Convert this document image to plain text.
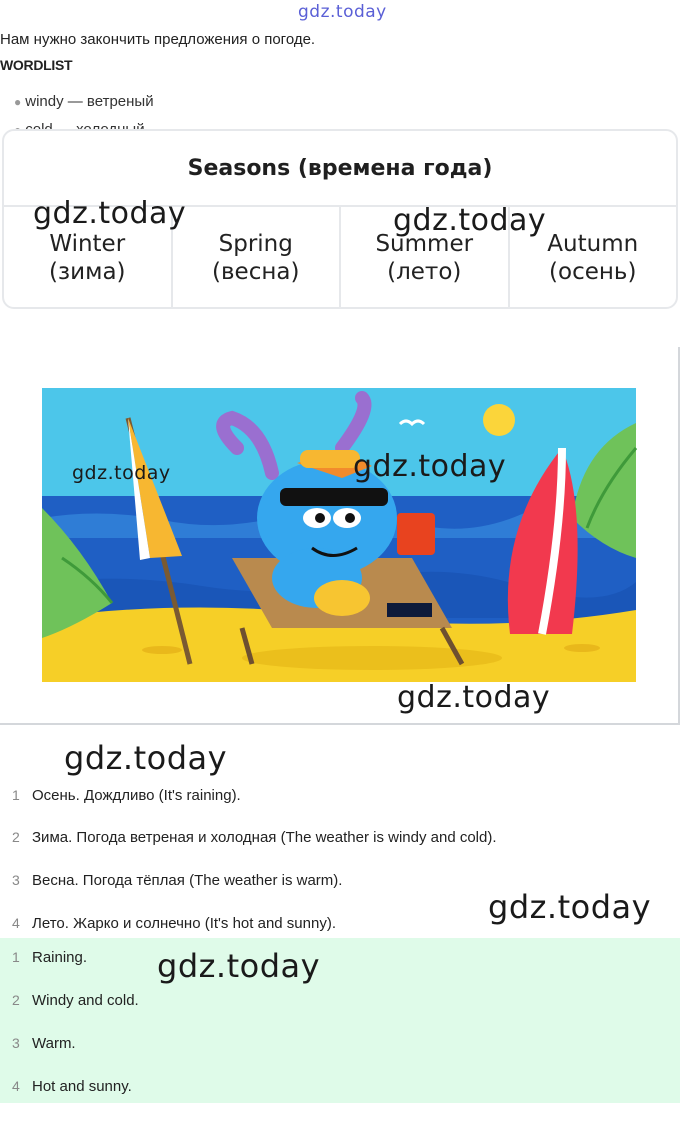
gdz.today
Нам нужно закончить предложения о погоде.
WORDLIST
● windy — ветреный
Seasons (времена года)
Winter
(зима)
Spring
(весна)
Summer
(лето)
Autumn
(осень)
gdz.today	gdz.today
gdz.today	gdz.today
gdz.today
gdz.today
1 Осень. Дождливо (It's raining).
2 Зима. Погода ветреная и холодная (The weather is windy and cold).
3 Весна. Погода тёплая (The weather is warm).
4 Лето. Жарко и солнечно (It's hot and sunny).
1 Raining.
2 Windy and cold.
3 Warm.
4 Hot and sunny.
gdz.today
gdz.today
